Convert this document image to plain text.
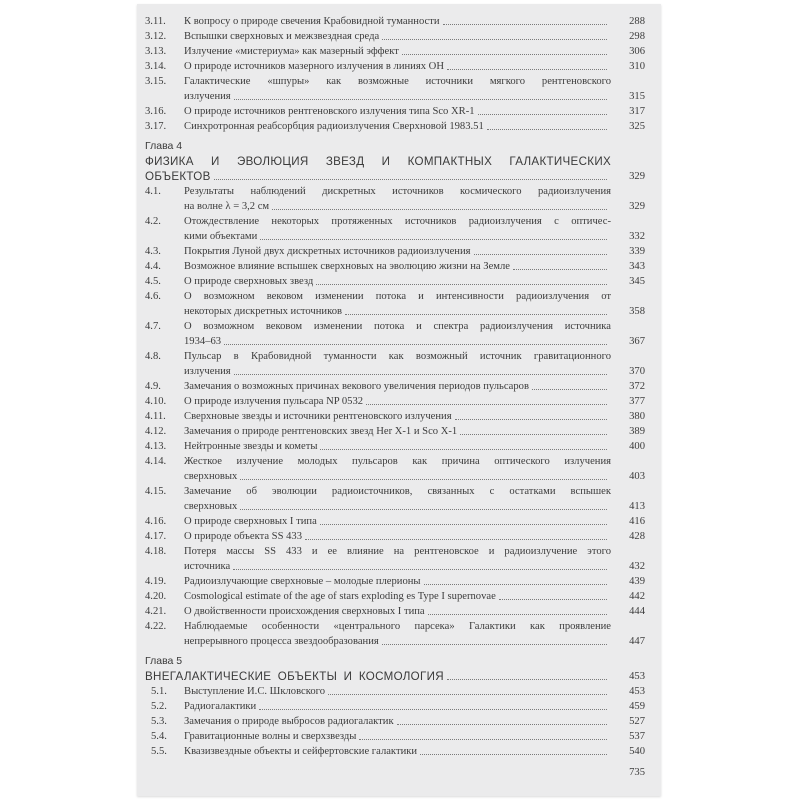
3.11.	К вопросу о природе свечения Крабовидной туманности	288
3.12.	Вспышки сверхновых и межзвездная среда	298
3.13.	Излучение «мистериума» как мазерный эффект	306
3.14.	О природе источников мазерного излучения в линиях ОН	310
3.15.	Галактические «шпуры» как возможные источники мягкого рентгеновского
излучения	315
3.16.	О природе источников рентгеновского излучения типа Sco XR-1	317
3.17.	Синхротронная реабсорбция радиоизлучения Сверхновой 1983.51	325
Глава 4
ФИЗИКА И ЭВОЛЮЦИЯ ЗВЕЗД И КОМПАКТНЫХ ГАЛАКТИЧЕСКИХ
ОБЪЕКТОВ	329
4.1.	Результаты наблюдений дискретных источников космического радиоизлучения
на волне λ = 3,2 см	329
4.2.	Отождествление некоторых протяженных источников радиоизлучения с оптичес-
кими объектами	332
4.3.	Покрытия Луной двух дискретных источников радиоизлучения	339
4.4.	Возможное влияние вспышек сверхновых на эволюцию жизни на Земле	343
4.5.	О природе сверхновых звезд	345
4.6.	О возможном вековом изменении потока и интенсивности радиоизлучения от
некоторых дискретных источников	358
4.7.	О возможном вековом изменении потока и спектра радиоизлучения источника
1934–63	367
4.8.	Пульсар в Крабовидной туманности как возможный источник гравитационного
излучения	370
4.9.	Замечания о возможных причинах векового увеличения периодов пульсаров	372
4.10.	О природе излучения пульсара NP 0532	377
4.11.	Сверхновые звезды и источники рентгеновского излучения	380
4.12.	Замечания о природе рентгеновских звезд Her X-1 и Sco X-1	389
4.13.	Нейтронные звезды и кометы	400
4.14.	Жесткое излучение молодых пульсаров как причина оптического излучения
сверхновых	403
4.15.	Замечание об эволюции радиоисточников, связанных с остатками вспышек
сверхновых	413
4.16.	О природе сверхновых I типа	416
4.17.	О природе объекта SS 433	428
4.18.	Потеря массы SS 433 и ее влияние на рентгеновское и радиоизлучение этого
источника	432
4.19.	Радиоизлучающие сверхновые – молодые плерионы	439
4.20.	Cosmological estimate of the age of stars exploding es Type I supernovae	442
4.21.	О двойственности происхождения сверхновых I типа	444
4.22.	Наблюдаемые особенности «центрального парсека» Галактики как проявление
непрерывного процесса звездообразования	447
Глава 5
ВНЕГАЛАКТИЧЕСКИЕ ОБЪЕКТЫ И КОСМОЛОГИЯ	453
5.1.	Выступление И.С. Шкловского	453
5.2.	Радиогалактики	459
5.3.	Замечания о природе выбросов радиогалактик	527
5.4.	Гравитационные волны и сверхзвезды	537
5.5.	Квазизвездные объекты и сейфертовские галактики	540
735
